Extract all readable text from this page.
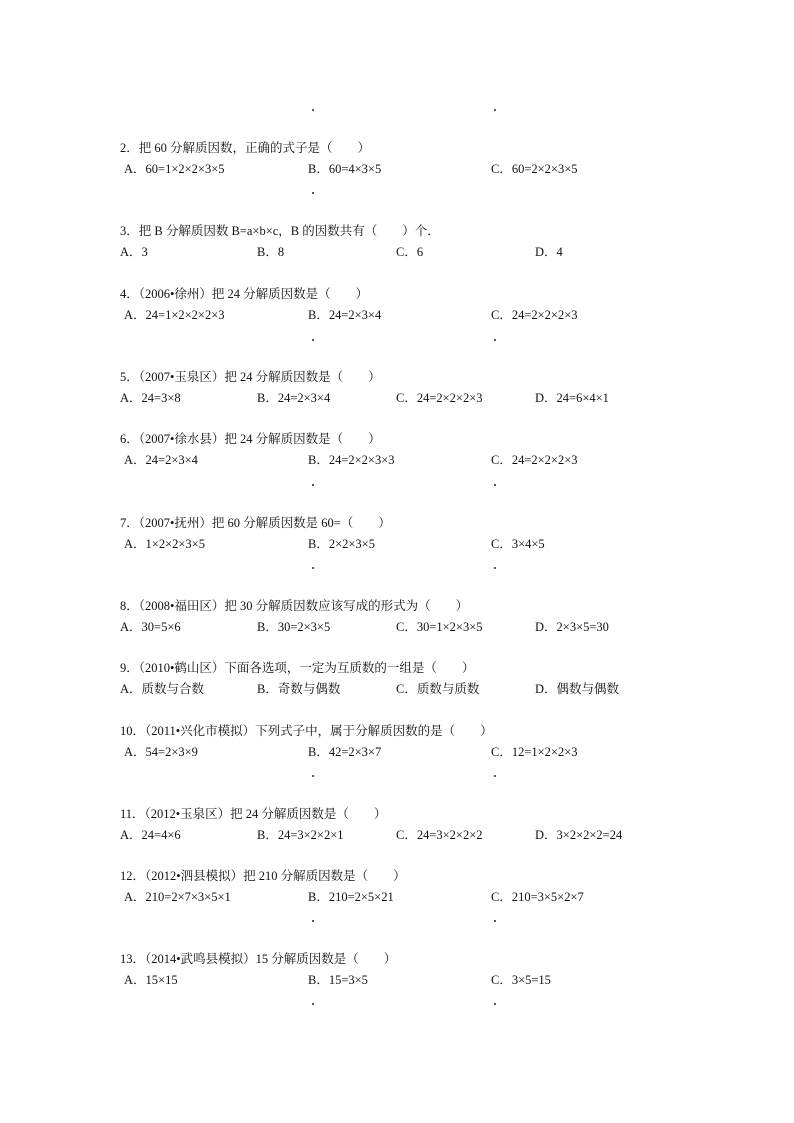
2．把 60 分解质因数，正确的式子是（　　）
A．60=1×2×2×3×5	B．60=4×3×5	C．60=2×2×3×5
3．把 B 分解质因数 B=a×b×c，B 的因数共有（　　）个．
A．3	B．8	C．6	D．4
4．（2006•徐州）把 24 分解质因数是（　　）
A．24=1×2×2×2×3	B．24=2×3×4	C．24=2×2×2×3
5．（2007•玉泉区）把 24 分解质因数是（　　）
A．24=3×8	B．24=2×3×4	C．24=2×2×2×3	D．24=6×4×1
6．（2007•徐水县）把 24 分解质因数是（　　）
A．24=2×3×4	B．24=2×2×3×3	C．24=2×2×2×3
7．（2007•抚州）把 60 分解质因数是 60=（　　）
A．1×2×2×3×5	B．2×2×3×5	C．3×4×5
8．（2008•福田区）把 30 分解质因数应该写成的形式为（　　）
A．30=5×6	B．30=2×3×5	C．30=1×2×3×5	D．2×3×5=30
9．（2010•鹤山区）下面各选项，一定为互质数的一组是（　　）
A．质数与合数	B．奇数与偶数	C．质数与质数	D．偶数与偶数
10．（2011•兴化市模拟）下列式子中，属于分解质因数的是（　　）
A．54=2×3×9	B．42=2×3×7	C．12=1×2×2×3
11．（2012•玉泉区）把 24 分解质因数是（　　）
A．24=4×6	B．24=3×2×2×1	C．24=3×2×2×2	D．3×2×2×2=24
12．（2012•泗县模拟）把 210 分解质因数是（　　）
A．210=2×7×3×5×1	B．210=2×5×21	C．210=3×5×2×7
13．（2014•武鸣县模拟）15 分解质因数是（　　）
A．15×15	B．15=3×5	C．3×5=15
